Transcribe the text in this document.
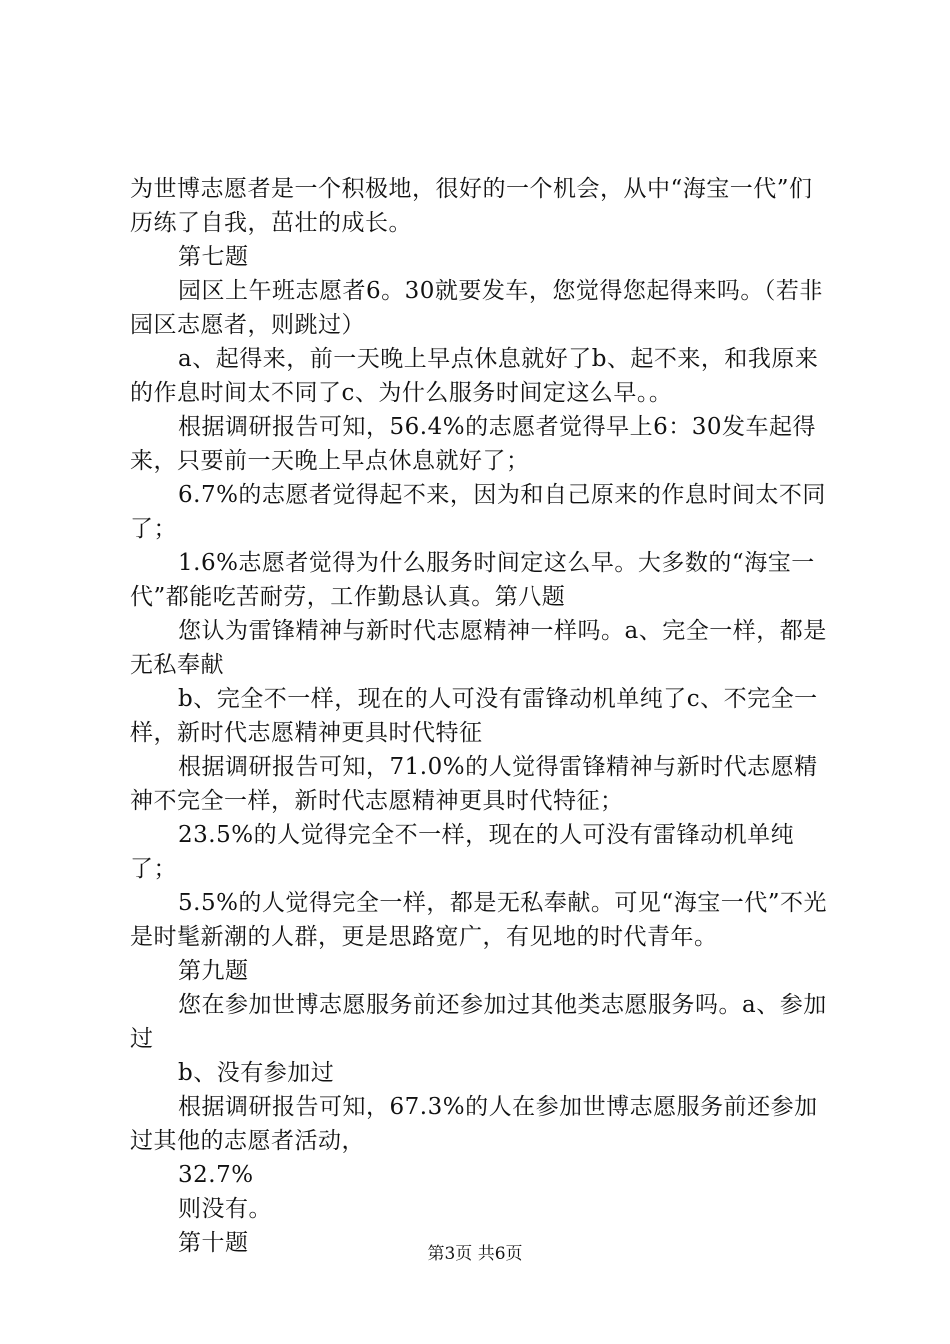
为世博志愿者是一个积极地，很好的一个机会，从中“海宝一代”们历练了自我，茁壮的成长。

第七题

园区上午班志愿者6。30就要发车，您觉得您起得来吗。（若非园区志愿者，则跳过）

a、起得来，前一天晚上早点休息就好了b、起不来，和我原来的作息时间太不同了c、为什么服务时间定这么早。。

根据调研报告可知，56.4%的志愿者觉得早上6：30发车起得来，只要前一天晚上早点休息就好了；

6.7%的志愿者觉得起不来，因为和自己原来的作息时间太不同了；

1.6%志愿者觉得为什么服务时间定这么早。大多数的“海宝一代”都能吃苦耐劳，工作勤恳认真。第八题

您认为雷锋精神与新时代志愿精神一样吗。a、完全一样，都是无私奉献

b、完全不一样，现在的人可没有雷锋动机单纯了c、不完全一样，新时代志愿精神更具时代特征

根据调研报告可知，71.0%的人觉得雷锋精神与新时代志愿精神不完全一样，新时代志愿精神更具时代特征；

23.5%的人觉得完全不一样，现在的人可没有雷锋动机单纯了；

5.5%的人觉得完全一样，都是无私奉献。可见“海宝一代”不光是时髦新潮的人群，更是思路宽广，有见地的时代青年。

第九题

您在参加世博志愿服务前还参加过其他类志愿服务吗。a、参加过

b、没有参加过

根据调研报告可知，67.3%的人在参加世博志愿服务前还参加过其他的志愿者活动，

32.7%

则没有。

第十题	第3页 共6页
